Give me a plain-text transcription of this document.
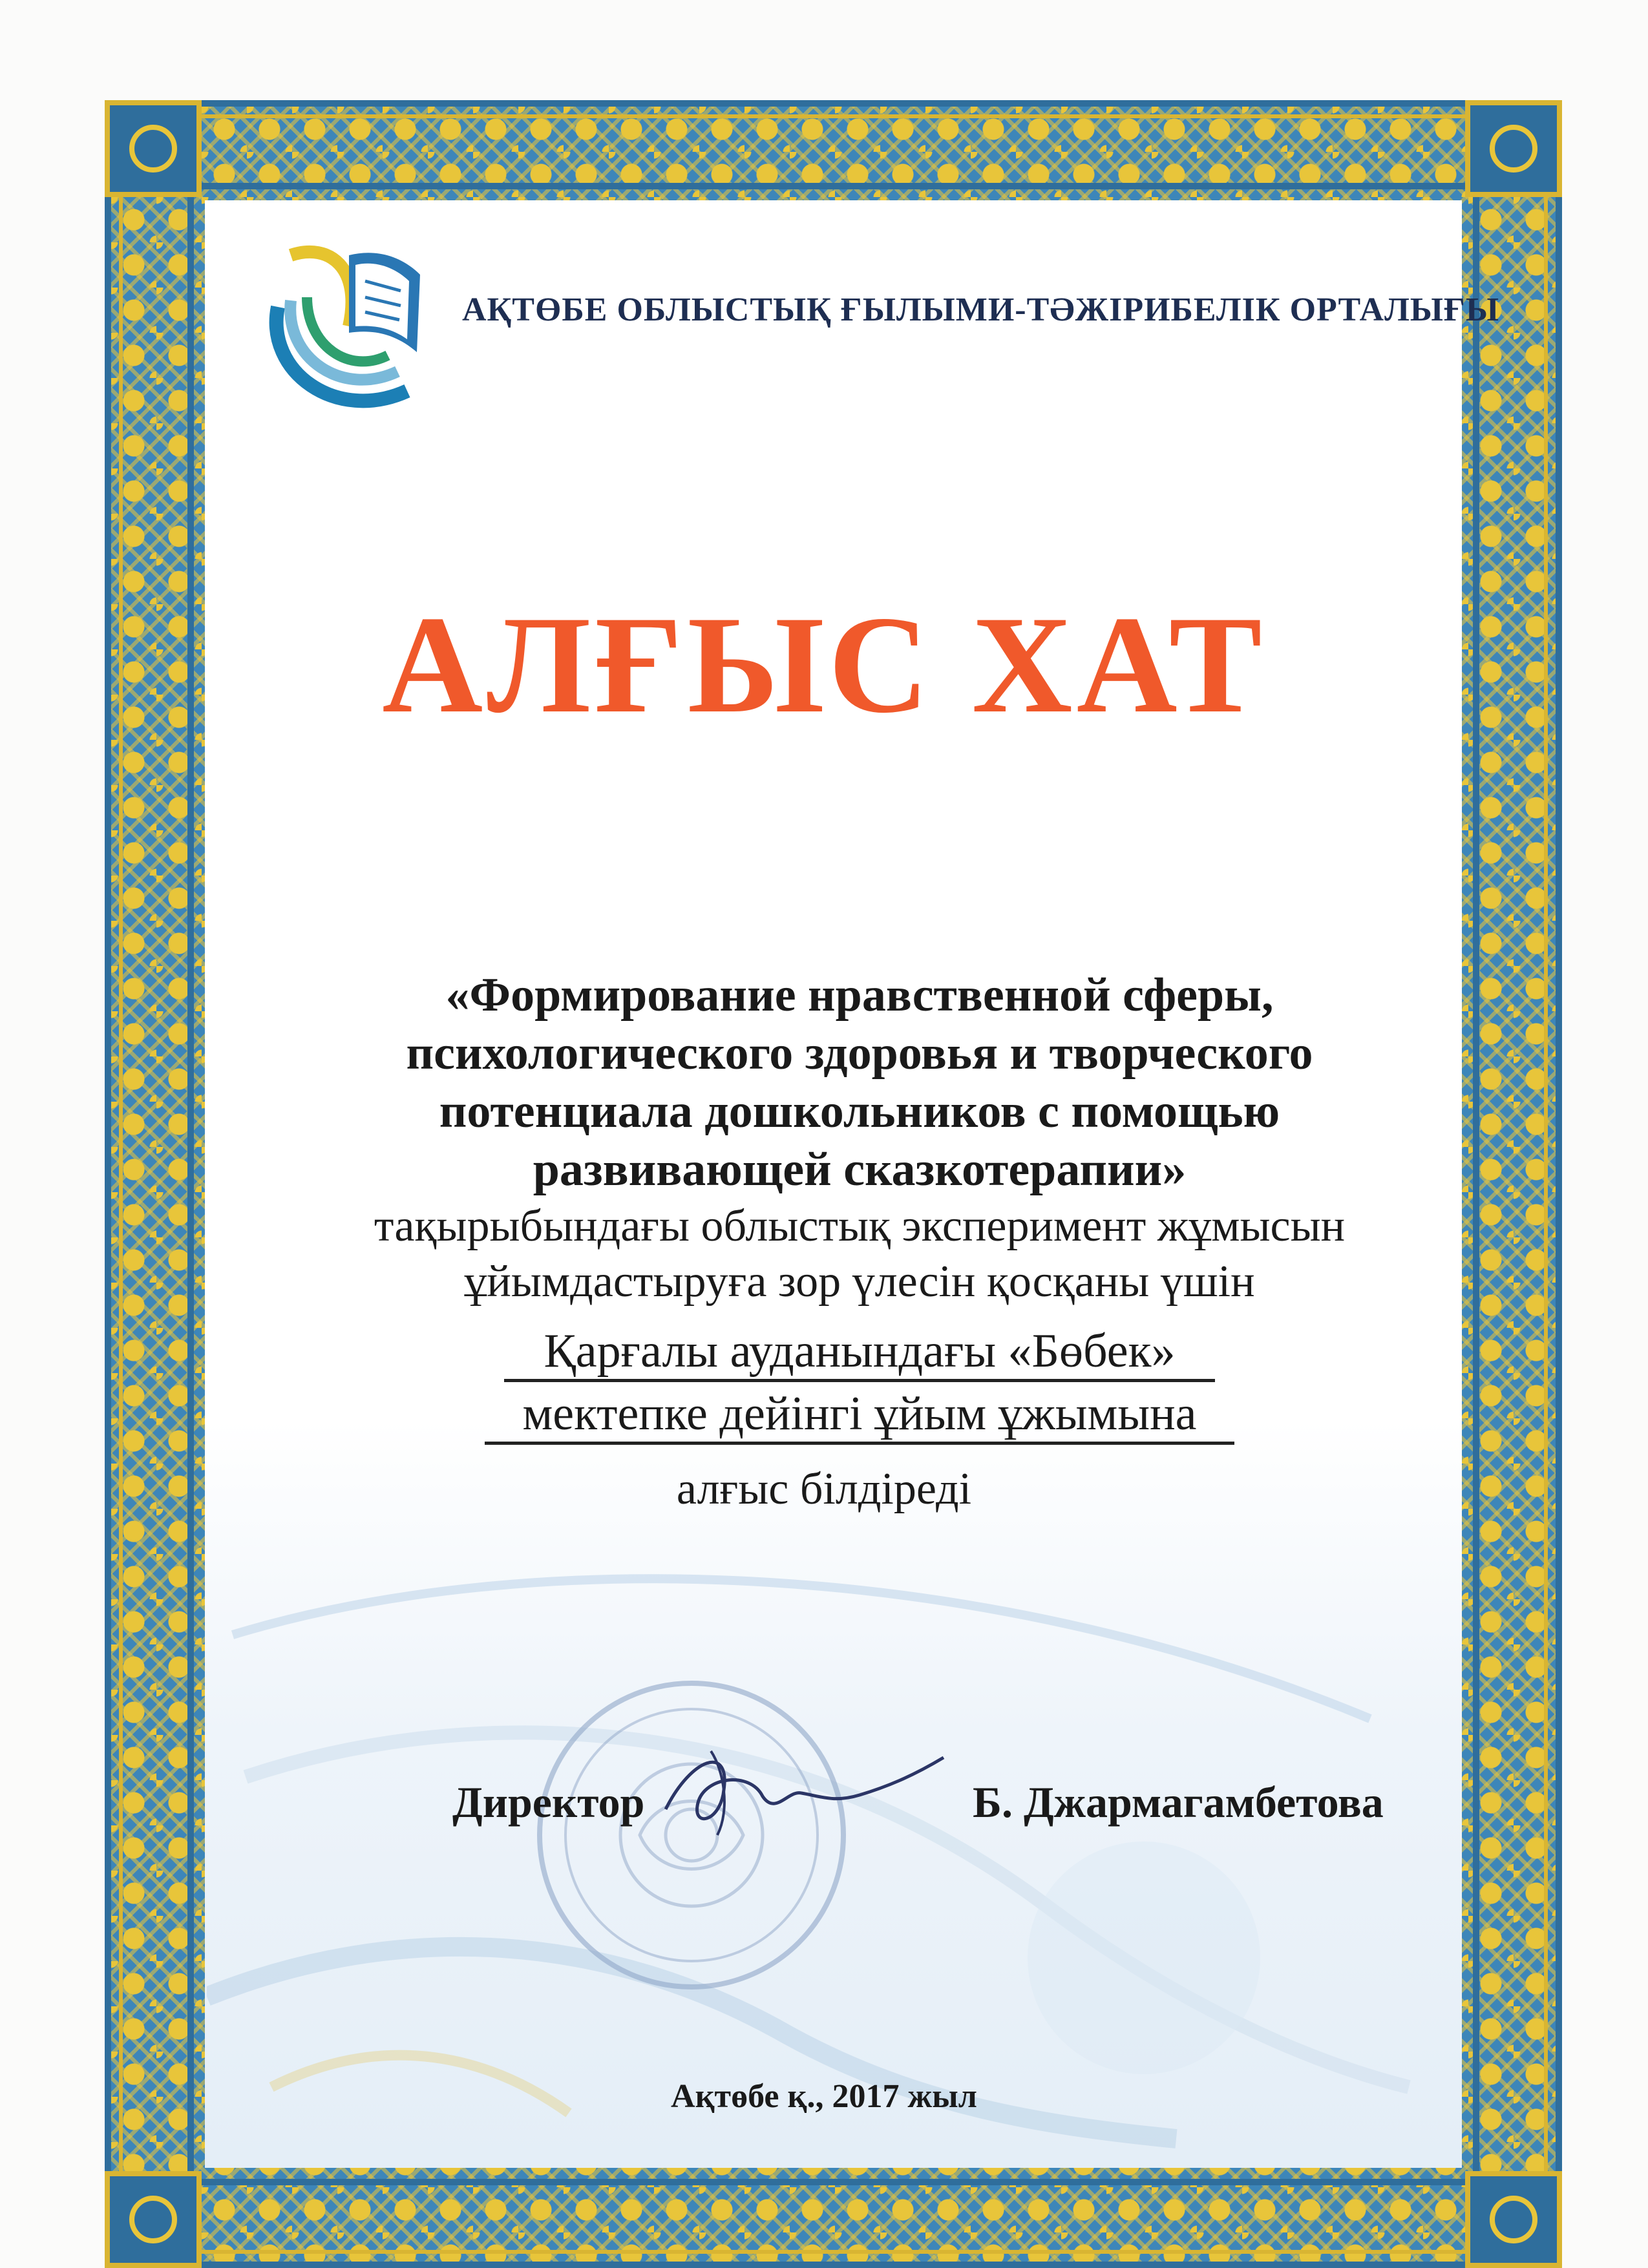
АҚТӨБЕ ОБЛЫСТЫҚ ҒЫЛЫМИ-ТӘЖІРИБЕЛІК ОРТАЛЫҒЫ
АЛҒЫС ХАТ
«Формирование нравственной сферы,
психологического здоровья и творческого
потенциала дошкольников с помощью
развивающей сказкотерапии»
тақырыбындағы облыстық эксперимент жұмысын
ұйымдастыруға зор үлесін қосқаны үшін
Қарғалы ауданындағы «Бөбек»
мектепке дейінгі ұйым ұжымына
алғыс білдіреді
Директор	Б. Джармагамбетова
Ақтөбе қ., 2017 жыл
